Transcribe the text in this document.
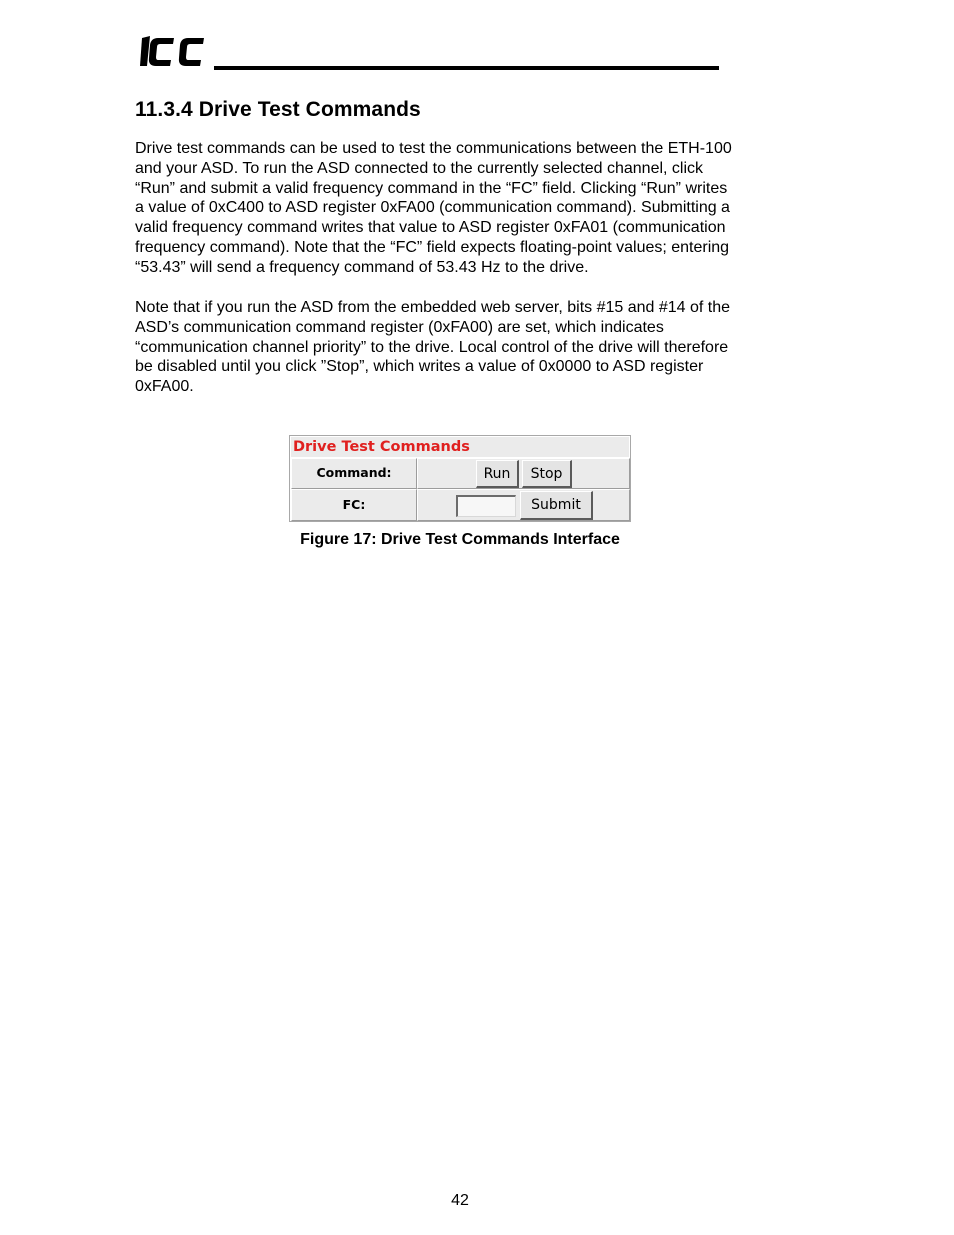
11.3.4 Drive Test Commands

Drive test commands can be used to test the communications between the ETH-100
and your ASD. To run the ASD connected to the currently selected channel, click
“Run” and submit a valid frequency command in the “FC” field. Clicking “Run” writes
a value of 0xC400 to ASD register 0xFA00 (communication command). Submitting a
valid frequency command writes that value to ASD register 0xFA01 (communication
frequency command). Note that the “FC” field expects floating-point values; entering
“53.43” will send a frequency command of 53.43 Hz to the drive.

Note that if you run the ASD from the embedded web server, bits #15 and #14 of the
ASD’s communication command register (0xFA00) are set, which indicates
“communication channel priority” to the drive. Local control of the drive will therefore
be disabled until you click ”Stop”, which writes a value of 0x0000 to ASD register
0xFA00.

Drive Test Commands
Command:	Run	Stop
FC:	Submit

Figure 17: Drive Test Commands Interface

42
